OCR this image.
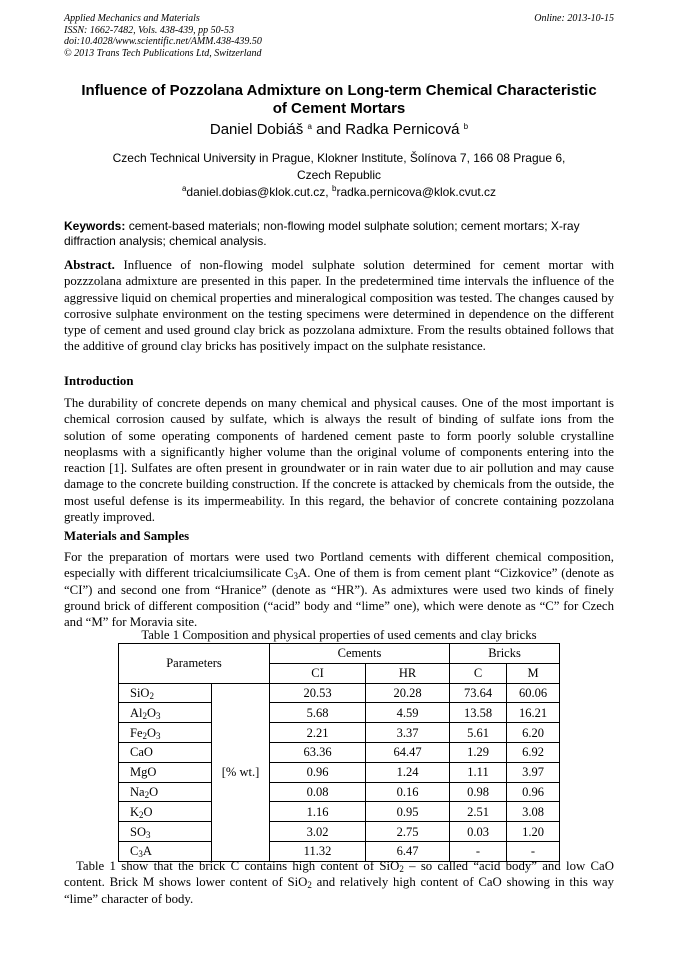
Applied Mechanics and Materials
ISSN: 1662-7482, Vols. 438-439, pp 50-53
doi:10.4028/www.scientific.net/AMM.438-439.50
© 2013 Trans Tech Publications Ltd, Switzerland
Online: 2013-10-15
Influence of Pozzolana Admixture on Long-term Chemical Characteristic
of Cement Mortars
Daniel Dobiáš $^a$ and Radka Pernicová $^b$
Czech Technical University in Prague, Klokner Institute, Šolínova 7, 166 08 Prague 6,
Czech Republic
$^a$daniel.dobias@klok.cut.cz, $^b$radka.pernicova@klok.cvut.cz
Keywords: cement-based materials; non-flowing model sulphate solution; cement mortars; X-ray diffraction analysis; chemical analysis.
Abstract. Influence of non-flowing model sulphate solution determined for cement mortar with pozzzolana admixture are presented in this paper. In the predetermined time intervals the influence of the aggressive liquid on chemical properties and mineralogical composition was tested. The changes caused by corrosive sulphate environment on the testing specimens were determined in dependence on the different type of cement and used ground clay brick as pozzolana admixture. From the results obtained follows that the additive of ground clay bricks has positively impact on the sulphate resistance.
Introduction
The durability of concrete depends on many chemical and physical causes. One of the most important is chemical corrosion caused by sulfate, which is always the result of binding of sulfate ions from the solution of some operating components of hardened cement paste to form poorly soluble crystalline neoplasms with a significantly higher volume than the original volume of components entering into the reaction [1]. Sulfates are often present in groundwater or in rain water due to air pollution and may cause damage to the concrete building construction. If the concrete is attacked by chemicals from the outside, the most useful defense is its impermeability. In this regard, the behavior of concrete containing pozzolana greatly improved.
Materials and Samples
For the preparation of mortars were used two Portland cements with different chemical composition, especially with different tricalciumsilicate $C_3A$. One of them is from cement plant “Cizkovice” (denote as “CI”) and second one from “Hranice” (denote as “HR”). As admixtures were used two kinds of finely ground brick of different composition (“acid” body and “lime” one), which were denote as “C” for Czech and “M” for Moravia site.
Table 1 Composition and physical properties of used cements and clay bricks
Parameters		Cements		Bricks	
		CI	HR	C	M
SiO$_2$	[% wt.]	20.53	20.28	73.64	60.06
$Al_2O_3$		5.68	4.59	13.58	16.21
$Fe_2O_3$		2.21	3.37	5.61	6.20
CaO		63.36	64.47	1.29	6.92
MgO		0.96	1.24	1.11	3.97
$Na_2O$		0.08	0.16	0.98	0.96
$K_2O$		1.16	0.95	2.51	3.08
$SO_3$		3.02	2.75	0.03	1.20
$C_3A$		11.32	6.47	-	-
Table 1 show that the brick C contains high content of SiO$_2$ – so called “acid body” and low CaO content. Brick M shows lower content of SiO$_2$ and relatively high content of CaO showing in this way “lime” character of body.
